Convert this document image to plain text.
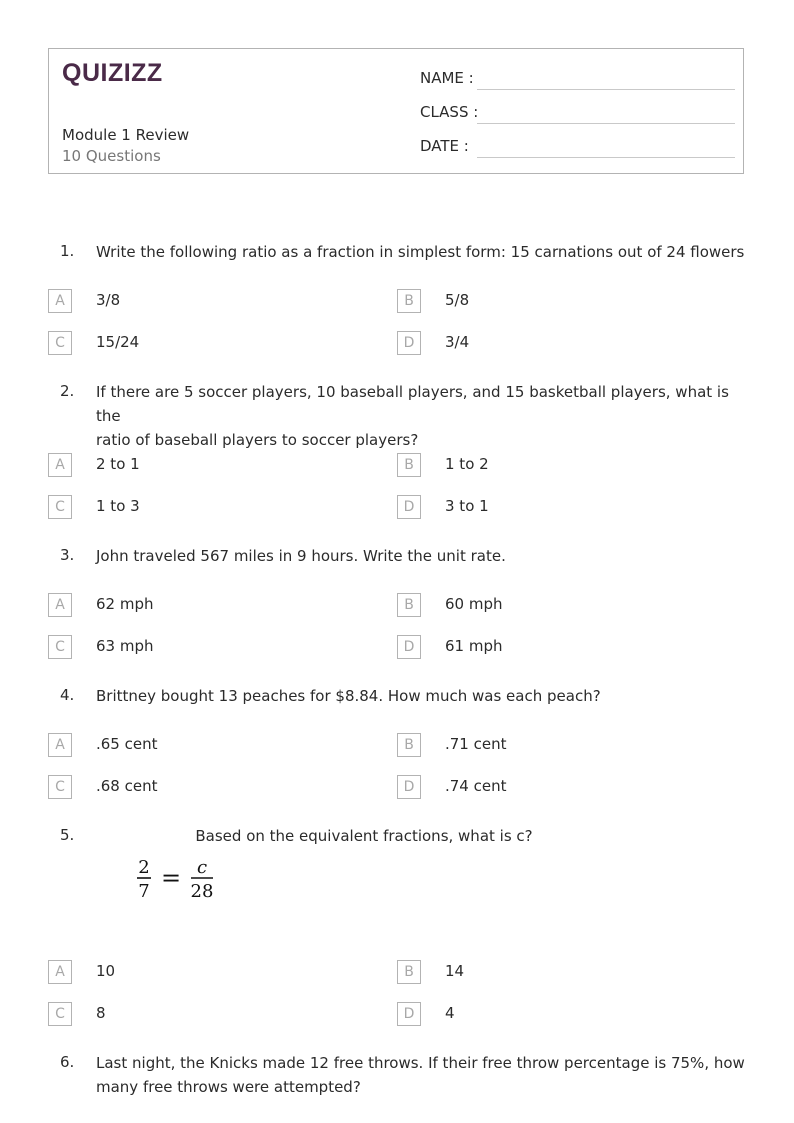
QUIZIZZ
Module 1 Review
10 Questions
NAME :
CLASS :
DATE :
1. Write the following ratio as a fraction in simplest form: 15 carnations out of 24 flowers
A	3/8	B	5/8
C	15/24	D	3/4
2. If there are 5 soccer players, 10 baseball players, and 15 basketball players, what is the
ratio of baseball players to soccer players?
A	2 to 1	B	1 to 2
C	1 to 3	D	3 to 1
3. John traveled 567 miles in 9 hours. Write the unit rate.
A	62 mph	B	60 mph
C	63 mph	D	61 mph
4. Brittney bought 13 peaches for $8.84. How much was each peach?
A	.65 cent	B	.71 cent
C	.68 cent	D	.74 cent
5.	Based on the equivalent fractions, what is c?
2
7 = c
28
A	10	B	14
C	8	D	4
6. Last night, the Knicks made 12 free throws. If their free throw percentage is 75%, how
many free throws were attempted?
